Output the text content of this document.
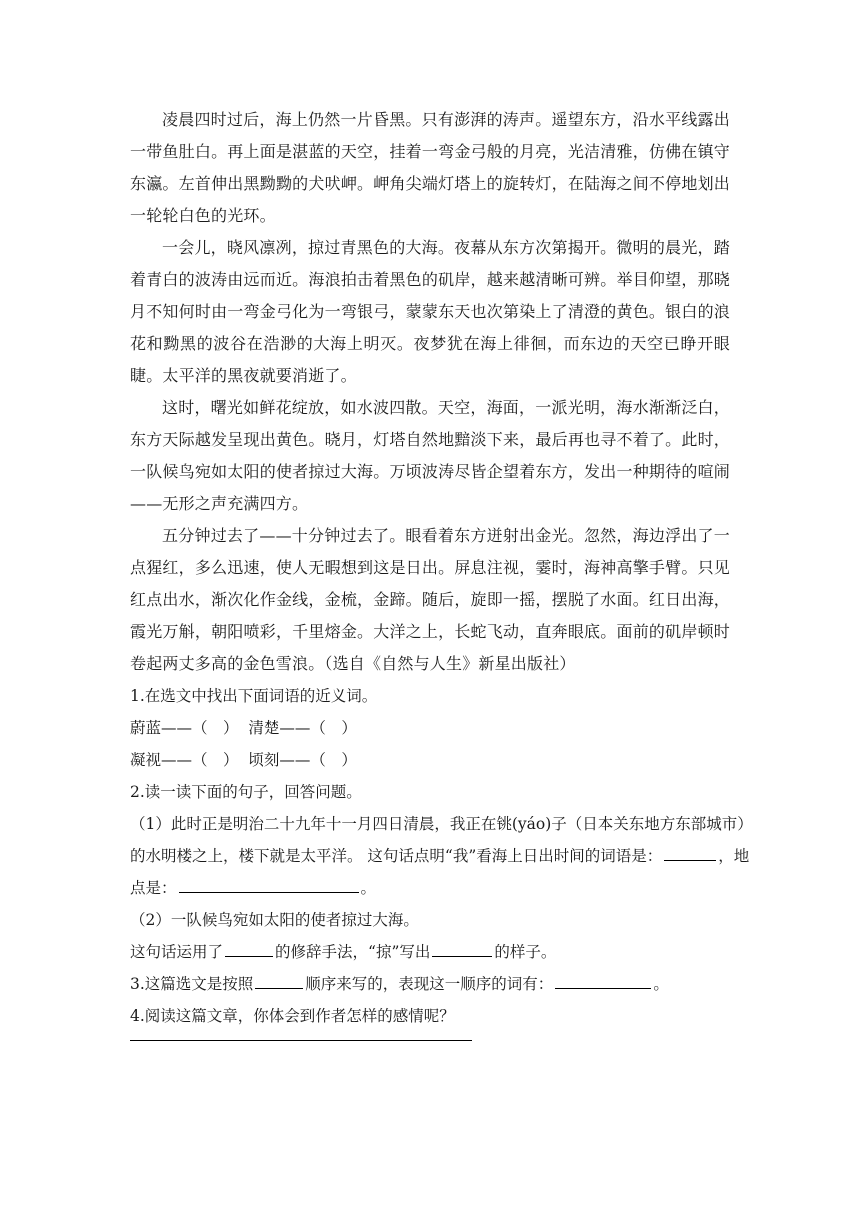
凌晨四时过后，海上仍然一片昏黑。只有澎湃的涛声。遥望东方，沿水平线露出一带鱼肚白。再上面是湛蓝的天空，挂着一弯金弓般的月亮，光洁清雅，仿佛在镇守东瀛。左首伸出黑黝黝的犬吠岬。岬角尖端灯塔上的旋转灯，在陆海之间不停地划出一轮轮白色的光环。

一会儿，晓风凛冽，掠过青黑色的大海。夜幕从东方次第揭开。微明的晨光，踏着青白的波涛由远而近。海浪拍击着黑色的矶岸，越来越清晰可辨。举目仰望，那晓月不知何时由一弯金弓化为一弯银弓，蒙蒙东天也次第染上了清澄的黄色。银白的浪花和黝黑的波谷在浩渺的大海上明灭。夜梦犹在海上徘徊，而东边的天空已睁开眼睫。太平洋的黑夜就要消逝了。

这时，曙光如鲜花绽放，如水波四散。天空，海面，一派光明，海水渐渐泛白，东方天际越发呈现出黄色。晓月，灯塔自然地黯淡下来，最后再也寻不着了。此时，一队候鸟宛如太阳的使者掠过大海。万顷波涛尽皆企望着东方，发出一种期待的喧闹——无形之声充满四方。

五分钟过去了——十分钟过去了。眼看着东方迸射出金光。忽然，海边浮出了一点猩红，多么迅速，使人无暇想到这是日出。屏息注视，霎时，海神高擎手臂。只见红点出水，渐次化作金线，金梳，金蹄。随后，旋即一摇，摆脱了水面。红日出海，霞光万斛，朝阳喷彩，千里熔金。大洋之上，长蛇飞动，直奔眼底。面前的矶岸顿时卷起两丈多高的金色雪浪。（选自《自然与人生》新星出版社）

1.在选文中找出下面词语的近义词。

蔚蓝——（　） 清楚——（　）

凝视——（　） 顷刻——（　）

2.读一读下面的句子，回答问题。

（1）此时正是明治二十九年十一月四日清晨，我正在铫(yáo)子（日本关东地方东部城市）

的水明楼之上，楼下就是太平洋。 这句话点明“我”看海上日出时间的词语是：	，地

点是：	。

（2）一队候鸟宛如太阳的使者掠过大海。

这句话运用了	的修辞手法，“掠”写出	的样子。

3.这篇选文是按照	顺序来写的，表现这一顺序的词有：	。

4.阅读这篇文章，你体会到作者怎样的感情呢？
